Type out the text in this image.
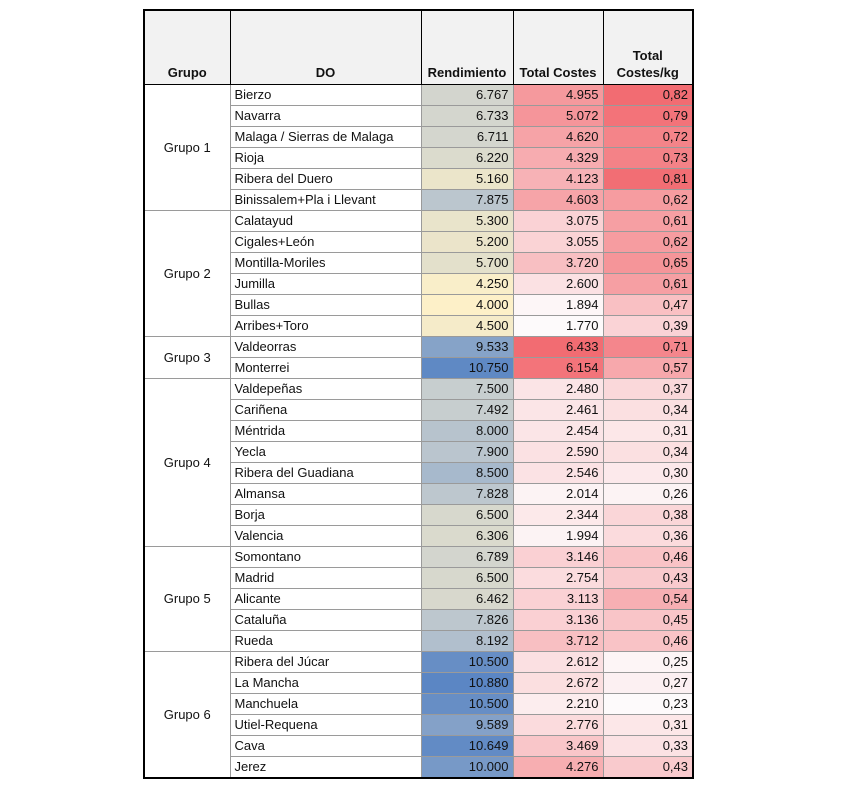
Grupo	DO	Rendimiento	Total Costes	Total
Costes/kg
Grupo 1	Bierzo	6.767	4.955	0,82
	Navarra	6.733	5.072	0,79
	Malaga / Sierras de Malaga	6.711	4.620	0,72
	Rioja	6.220	4.329	0,73
	Ribera del Duero	5.160	4.123	0,81
	Binissalem+Pla i Llevant	7.875	4.603	0,62
Grupo 2	Calatayud	5.300	3.075	0,61
	Cigales+León	5.200	3.055	0,62
	Montilla-Moriles	5.700	3.720	0,65
	Jumilla	4.250	2.600	0,61
	Bullas	4.000	1.894	0,47
	Arribes+Toro	4.500	1.770	0,39
Grupo 3	Valdeorras	9.533	6.433	0,71
	Monterrei	10.750	6.154	0,57
Grupo 4	Valdepeñas	7.500	2.480	0,37
	Cariñena	7.492	2.461	0,34
	Méntrida	8.000	2.454	0,31
	Yecla	7.900	2.590	0,34
	Ribera del Guadiana	8.500	2.546	0,30
	Almansa	7.828	2.014	0,26
	Borja	6.500	2.344	0,38
	Valencia	6.306	1.994	0,36
Grupo 5	Somontano	6.789	3.146	0,46
	Madrid	6.500	2.754	0,43
	Alicante	6.462	3.113	0,54
	Cataluña	7.826	3.136	0,45
	Rueda	8.192	3.712	0,46
Grupo 6	Ribera del Júcar	10.500	2.612	0,25
	La Mancha	10.880	2.672	0,27
	Manchuela	10.500	2.210	0,23
	Utiel-Requena	9.589	2.776	0,31
	Cava	10.649	3.469	0,33
	Jerez	10.000	4.276	0,43
